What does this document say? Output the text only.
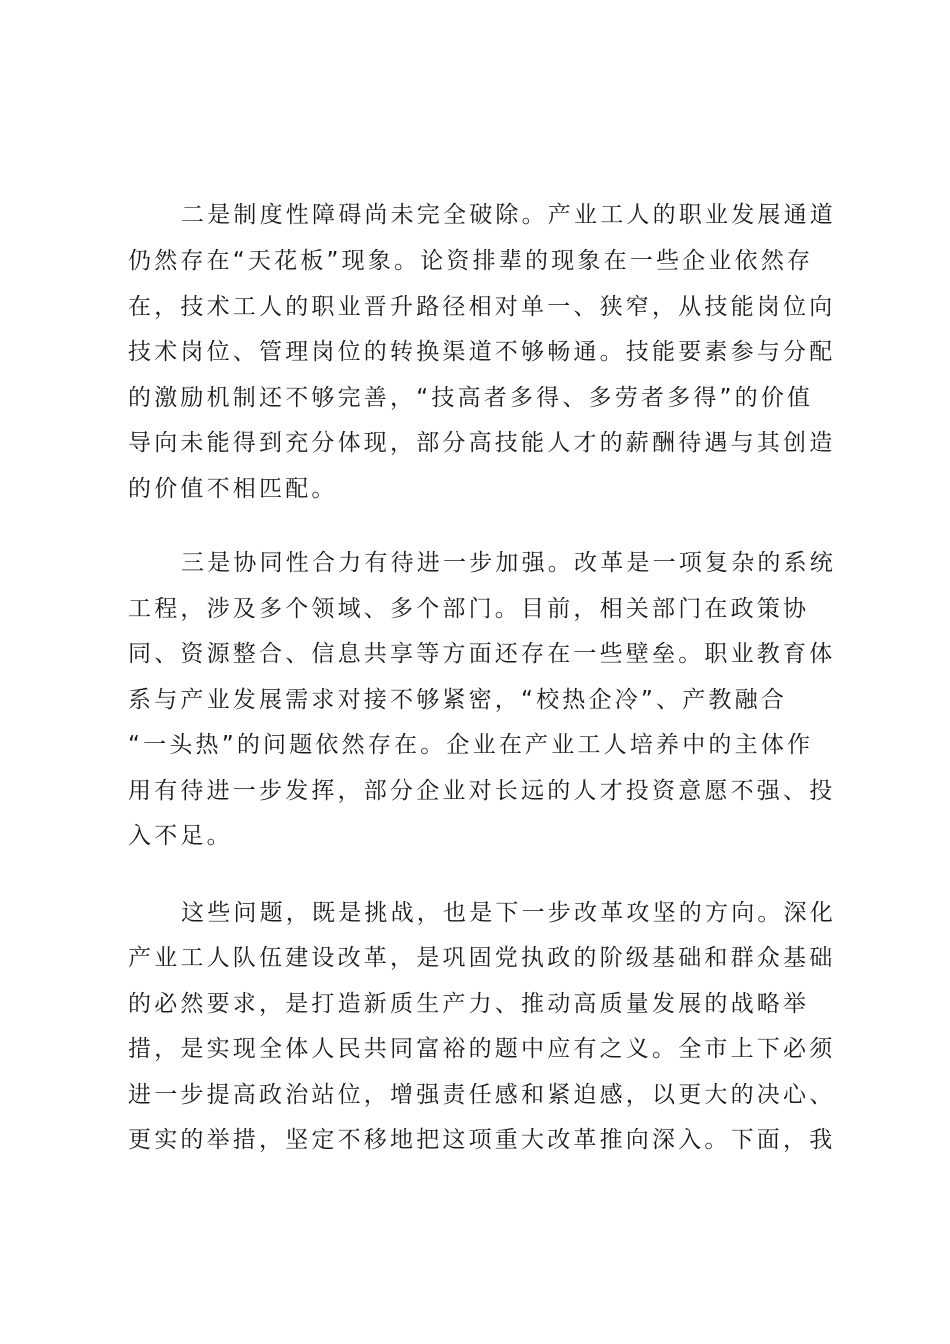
二是制度性障碍尚未完全破除。产业工人的职业发展通道
仍然存在“天花板”现象。论资排辈的现象在一些企业依然存
在，技术工人的职业晋升路径相对单一、狭窄，从技能岗位向
技术岗位、管理岗位的转换渠道不够畅通。技能要素参与分配
的激励机制还不够完善，“技高者多得、多劳者多得”的价值
导向未能得到充分体现，部分高技能人才的薪酬待遇与其创造
的价值不相匹配。
三是协同性合力有待进一步加强。改革是一项复杂的系统
工程，涉及多个领域、多个部门。目前，相关部门在政策协
同、资源整合、信息共享等方面还存在一些壁垒。职业教育体
系与产业发展需求对接不够紧密，“校热企冷”、产教融合
“一头热”的问题依然存在。企业在产业工人培养中的主体作
用有待进一步发挥，部分企业对长远的人才投资意愿不强、投
入不足。
这些问题，既是挑战，也是下一步改革攻坚的方向。深化
产业工人队伍建设改革，是巩固党执政的阶级基础和群众基础
的必然要求，是打造新质生产力、推动高质量发展的战略举
措，是实现全体人民共同富裕的题中应有之义。全市上下必须
进一步提高政治站位，增强责任感和紧迫感，以更大的决心、
更实的举措，坚定不移地把这项重大改革推向深入。下面，我
